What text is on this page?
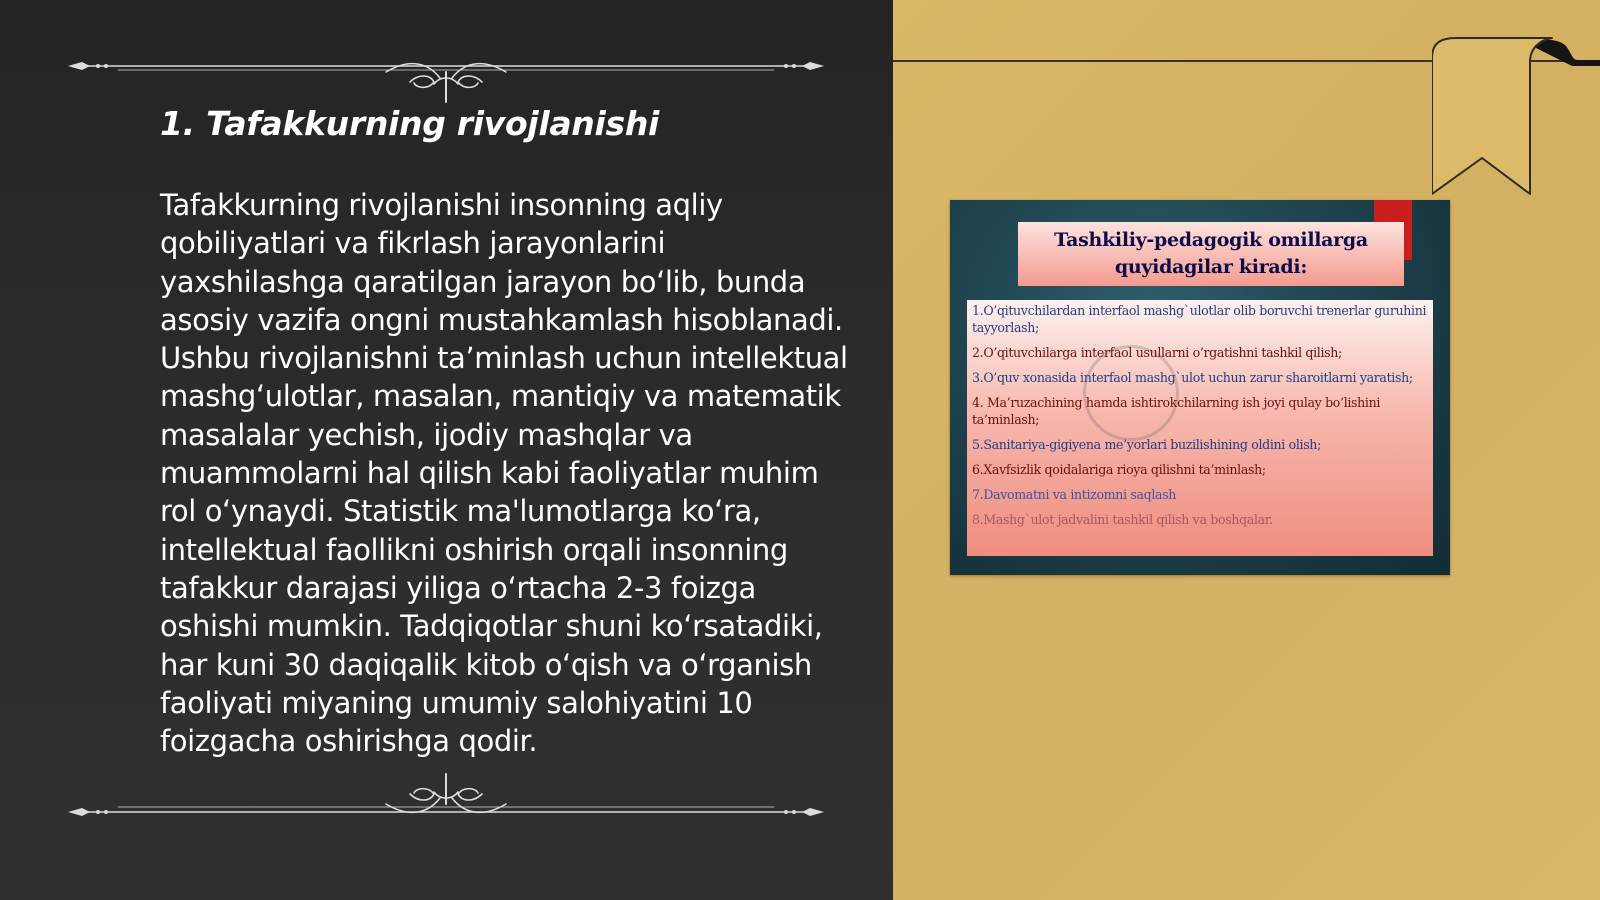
1. Tafakkurning rivojlanishi

Tafakkurning rivojlanishi insonning aqliy qobiliyatlari va fikrlash jarayonlarini yaxshilashga qaratilgan jarayon bo‘lib, bunda asosiy vazifa ongni mustahkamlash hisoblanadi. Ushbu rivojlanishni ta’minlash uchun intellektual mashg‘ulotlar, masalan, mantiqiy va matematik masalalar yechish, ijodiy mashqlar va muammolarni hal qilish kabi faoliyatlar muhim rol o‘ynaydi. Statistik ma'lumotlarga ko‘ra, intellektual faollikni oshirish orqali insonning tafakkur darajasi yiliga o‘rtacha 2-3 foizga oshishi mumkin. Tadqiqotlar shuni ko‘rsatadiki, har kuni 30 daqiqalik kitob o‘qish va o‘rganish faoliyati miyaning umumiy salohiyatini 10 foizgacha oshirishga qodir.

Tashkiliy-pedagogik omillarga quyidagilar kiradi:
1.O’qituvchilardan interfaol mashg`ulotlar olib boruvchi trenerlar guruhini tayyorlash;
2.O’qituvchilarga interfaol usullarni o’rgatishni tashkil qilish;
3.O’quv xonasida interfaol mashg`ulot uchun zarur sharoitlarni yaratish;
4. Ma’ruzachining hamda ishtirokchilarning ish joyi qulay bo’lishini ta’minlash;
5.Sanitariya-gigiyena me’yorlari buzilishining oldini olish;
6.Xavfsizlik qoidalariga rioya qilishni ta’minlash;
7.Davomatni va intizomni saqlash
8.Mashg`ulot jadvalini tashkil qilish va boshqalar.
